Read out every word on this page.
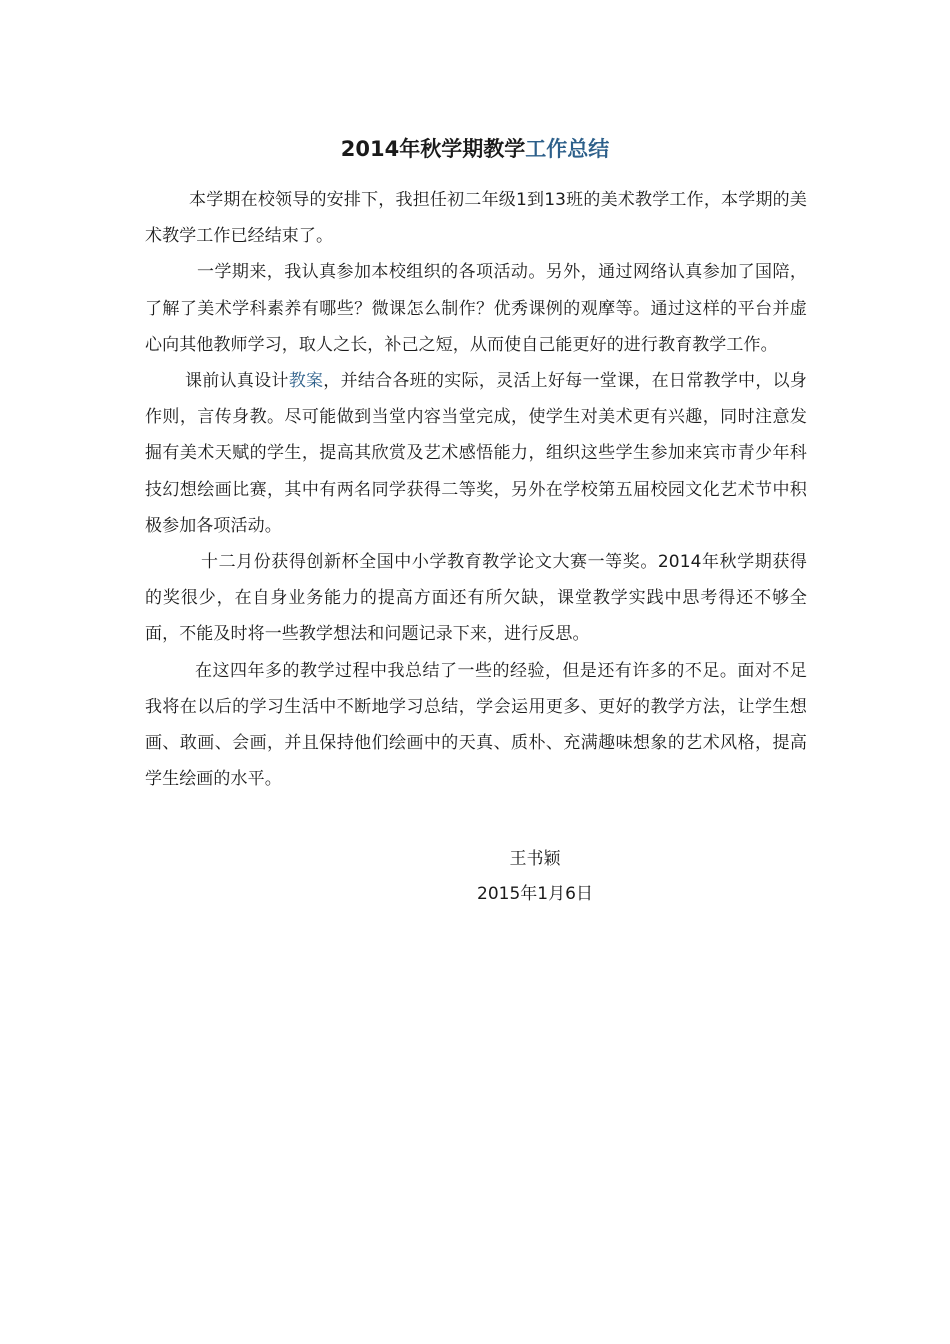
2014年秋学期教学工作总结

本学期在校领导的安排下，我担任初二年级1到13班的美术教学工作，本学期的美术教学工作已经结束了。

一学期来，我认真参加本校组织的各项活动。另外，通过网络认真参加了国陪，了解了美术学科素养有哪些？微课怎么制作？优秀课例的观摩等。通过这样的平台并虚心向其他教师学习，取人之长，补己之短，从而使自己能更好的进行教育教学工作。

课前认真设计教案，并结合各班的实际，灵活上好每一堂课，在日常教学中，以身作则，言传身教。尽可能做到当堂内容当堂完成，使学生对美术更有兴趣，同时注意发掘有美术天赋的学生，提高其欣赏及艺术感悟能力，组织这些学生参加来宾市青少年科技幻想绘画比赛，其中有两名同学获得二等奖，另外在学校第五届校园文化艺术节中积极参加各项活动。

十二月份获得创新杯全国中小学教育教学论文大赛一等奖。2014年秋学期获得的奖很少，在自身业务能力的提高方面还有所欠缺，课堂教学实践中思考得还不够全面，不能及时将一些教学想法和问题记录下来，进行反思。

在这四年多的教学过程中我总结了一些的经验，但是还有许多的不足。面对不足我将在以后的学习生活中不断地学习总结，学会运用更多、更好的教学方法，让学生想画、敢画、会画，并且保持他们绘画中的天真、质朴、充满趣味想象的艺术风格，提高学生绘画的水平。

王书颖
2015年1月6日
